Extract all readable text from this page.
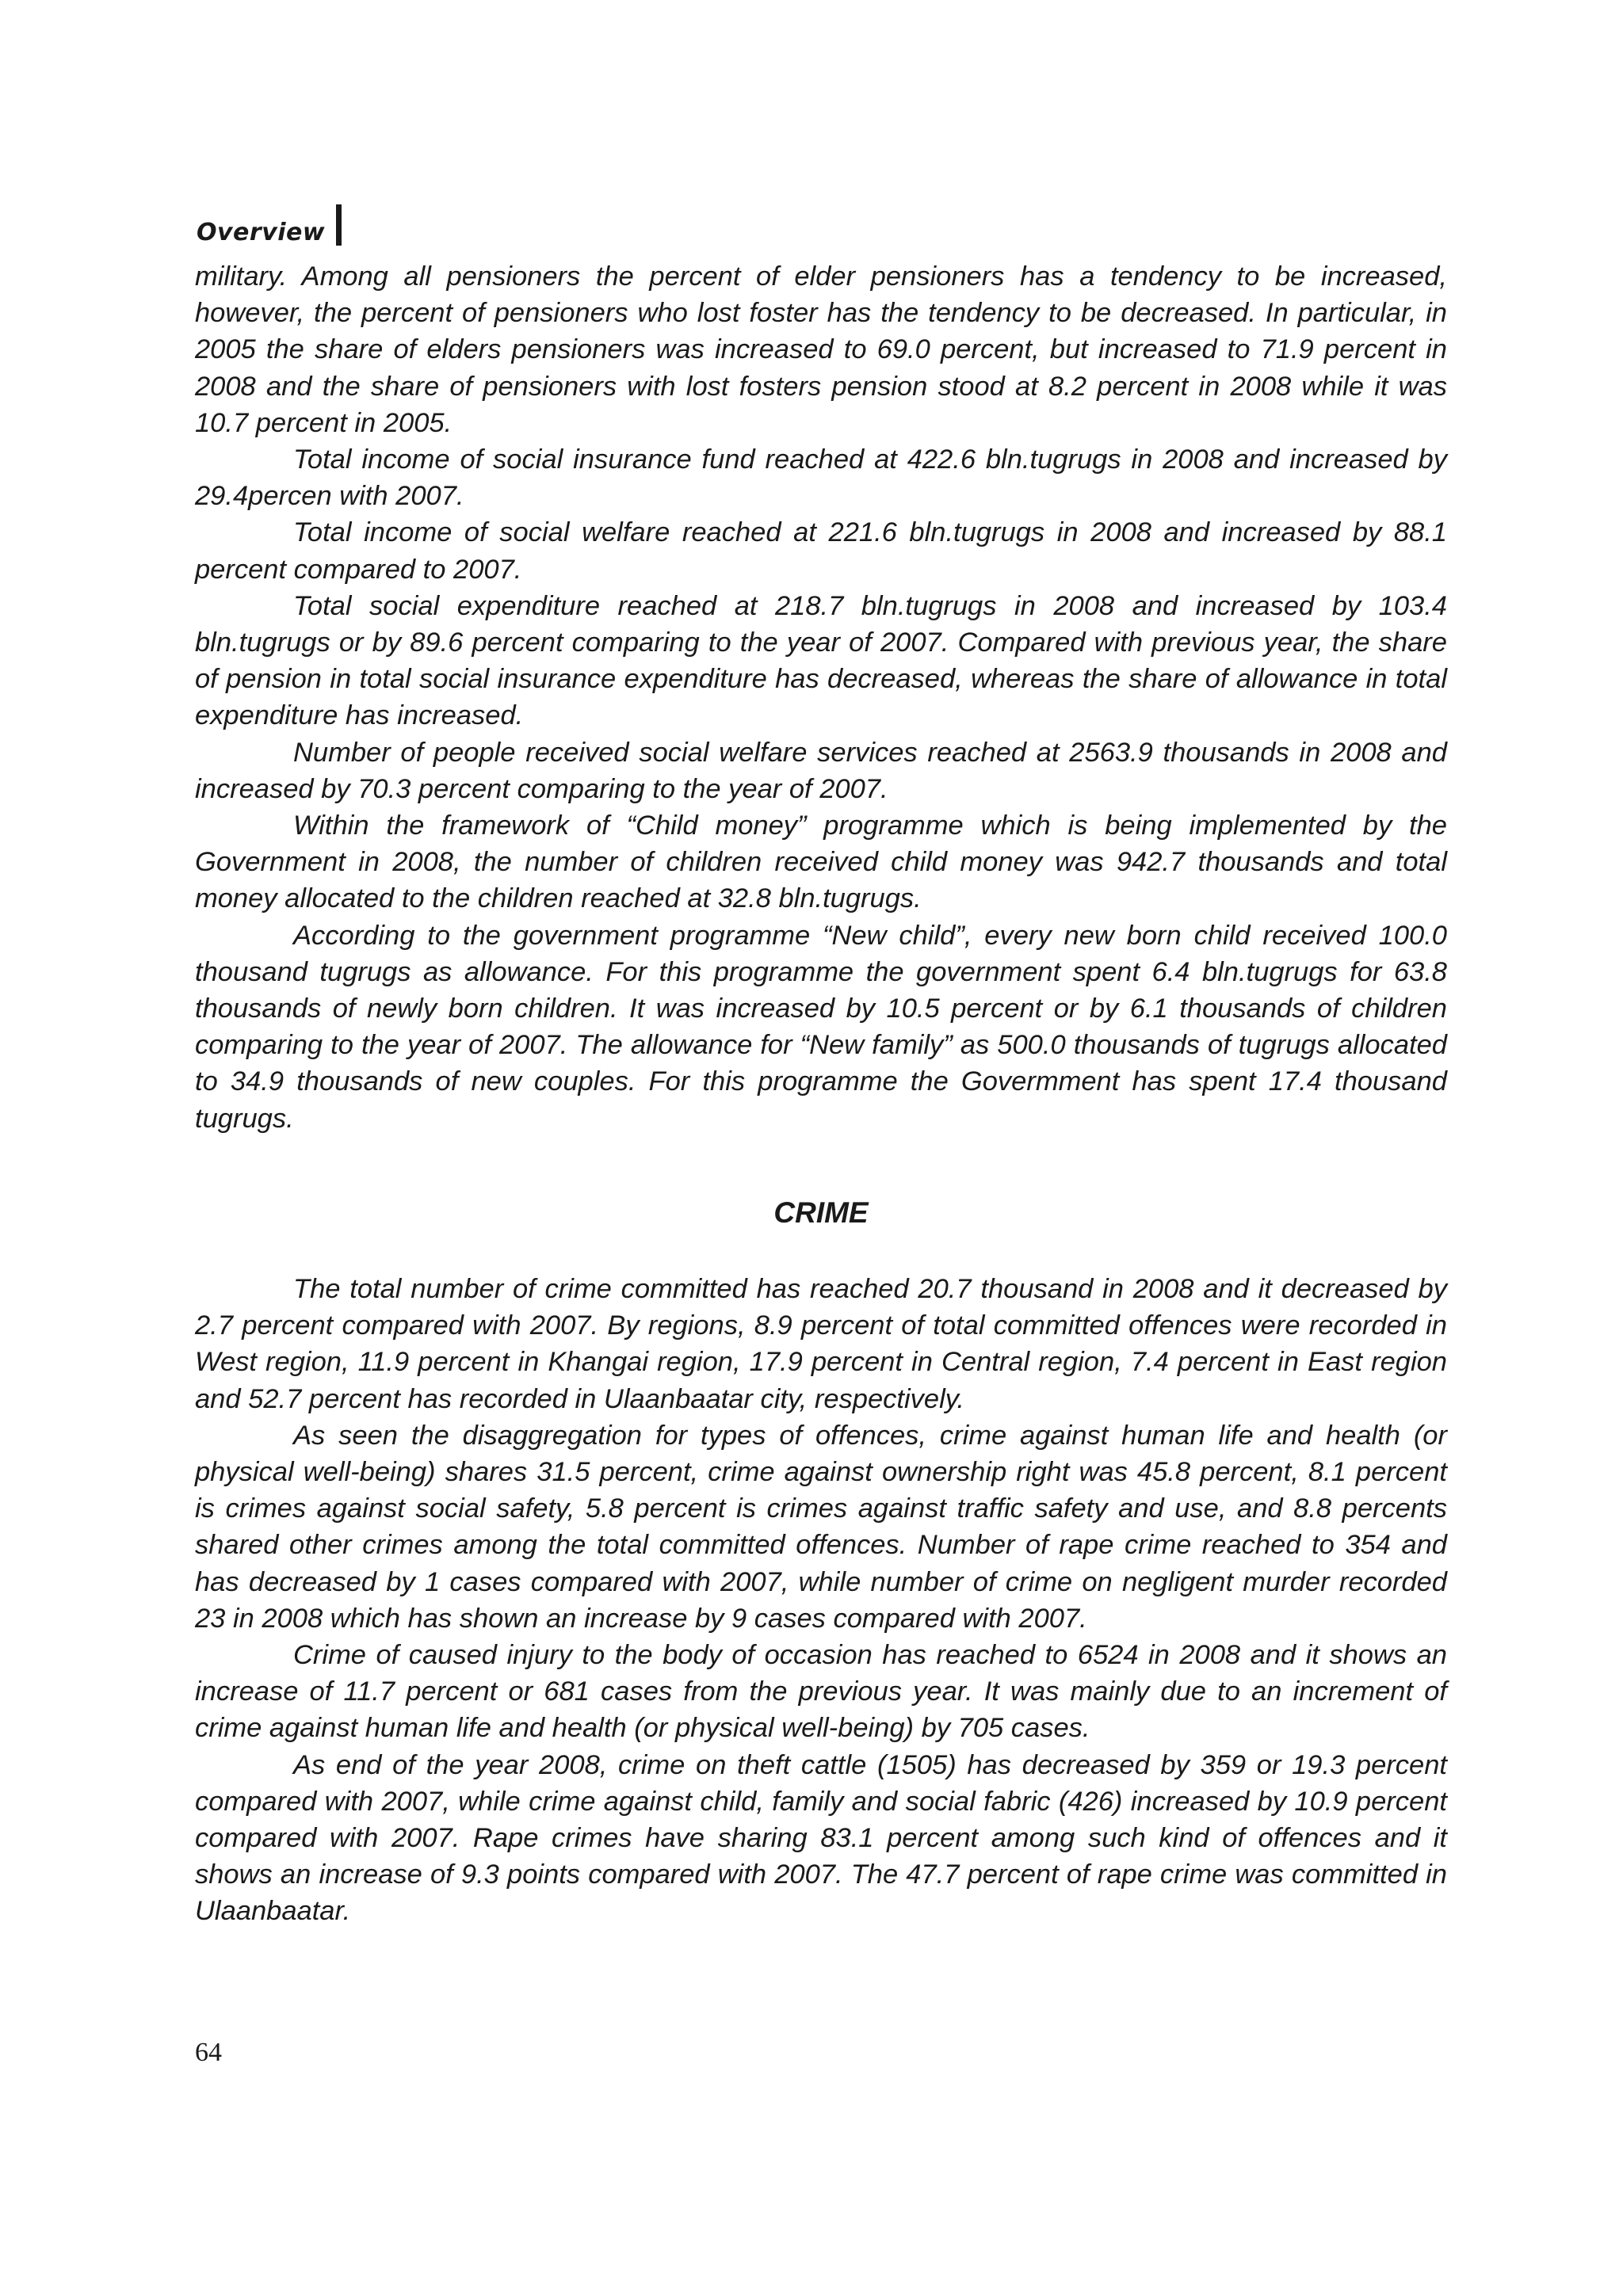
Overview

military. Among all pensioners the percent of elder pensioners has a tendency to be increased, however, the percent of pensioners who lost foster has the tendency to be decreased. In particular, in 2005 the share of elders pensioners was increased to 69.0 percent, but increased to 71.9 percent in 2008 and the share of pensioners with lost fosters pension stood at 8.2 percent in 2008 while it was 10.7 percent in 2005.

Total income of social insurance fund reached at 422.6 bln.tugrugs in 2008 and increased by 29.4percen with 2007.

Total income of social welfare reached at 221.6 bln.tugrugs in 2008 and increased by 88.1 percent compared to 2007.

Total social expenditure reached at 218.7 bln.tugrugs in 2008 and increased by 103.4 bln.tugrugs or by 89.6 percent comparing to the year of 2007. Compared with previous year, the share of pension in total social insurance expenditure has decreased, whereas the share of allowance in total expenditure has increased.

Number of people received social welfare services reached at 2563.9 thousands in 2008 and increased by 70.3 percent comparing to the year of 2007.

Within the framework of “Child money” programme which is being implemented by the Government in 2008, the number of children received child money was 942.7 thousands and total money allocated to the children reached at 32.8 bln.tugrugs.

According to the government programme “New child”, every new born child received 100.0 thousand tugrugs as allowance. For this programme the government spent 6.4 bln.tugrugs for 63.8 thousands of newly born children. It was increased by 10.5 percent or by 6.1 thousands of children comparing to the year of 2007. The allowance for “New family” as 500.0 thousands of tugrugs allocated to 34.9 thousands of new couples. For this programme the Govermment has spent 17.4 thousand tugrugs.

CRIME

The total number of crime committed has reached 20.7 thousand in 2008 and it decreased by 2.7 percent compared with 2007. By regions, 8.9 percent of total committed offences were recorded in West region, 11.9 percent in Khangai region, 17.9 percent in Central region, 7.4 percent in East region and 52.7 percent has recorded in Ulaanbaatar city, respectively.

As seen the disaggregation for types of offences, crime against human life and health (or physical well-being) shares 31.5 percent, crime against ownership right was 45.8 percent, 8.1 percent is crimes against social safety, 5.8 percent is crimes against traffic safety and use, and 8.8 percents shared other crimes among the total committed offences. Number of rape crime reached to 354 and has decreased by 1 cases compared with 2007, while number of crime on negligent murder recorded 23 in 2008 which has shown an increase by 9 cases compared with 2007.

Crime of caused injury to the body of occasion has reached to 6524 in 2008 and it shows an increase of 11.7 percent or 681 cases from the previous year. It was mainly due to an increment of crime against human life and health (or physical well-being) by 705 cases.

As end of the year 2008, crime on theft cattle (1505) has decreased by 359 or 19.3 percent compared with 2007, while crime against child, family and social fabric (426) increased by 10.9 percent compared with 2007. Rape crimes have sharing 83.1 percent among such kind of offences and it shows an increase of 9.3 points compared with 2007. The 47.7 percent of rape crime was committed in Ulaanbaatar.

64
